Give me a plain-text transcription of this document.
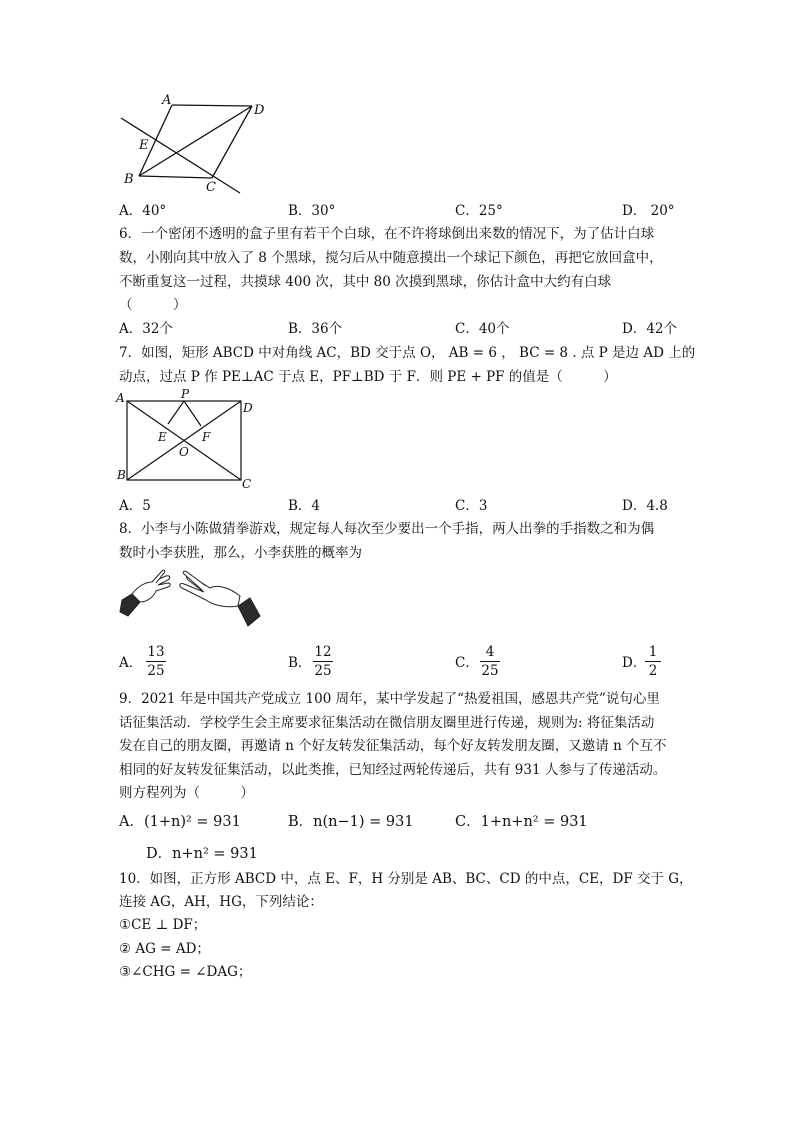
A
D
E
B
C
A．40°	B．30°	C．25°	D． 20°
6．一个密闭不透明的盒子里有若干个白球，在不许将球倒出来数的情况下，为了估计白球
数，小刚向其中放入了 8 个黑球，搅匀后从中随意摸出一个球记下颜色，再把它放回盒中，
不断重复这一过程，共摸球 400 次，其中 80 次摸到黑球，你估计盒中大约有白球
（　　　）
A．32个	B．36个	C．40个	D．42个
7．如图，矩形 ABCD 中对角线 AC，BD 交于点 O， AB = 6 ， BC = 8 . 点 P 是边 AD 上的
动点，过点 P 作 PE⊥AC 于点 E，PF⊥BD 于 F．则 PE + PF 的值是（　　　）
A
D
P
E	F
O
B
C
A．5	B．4	C．3	D．4.8
8．小李与小陈做猜拳游戏，规定每人每次至少要出一个手指，两人出拳的手指数之和为偶
数时小李获胜，那么，小李获胜的概率为
A．
13
25	B．
12
25	C．
4
25	D．
1
2
9．2021 年是中国共产党成立 100 周年，某中学发起了“热爱祖国，感恩共产党”说句心里
话征集活动．学校学生会主席要求征集活动在微信朋友圈里进行传递，规则为: 将征集活动
发在自己的朋友圈，再邀请 n 个好友转发征集活动，每个好友转发朋友圈，又邀请 n 个互不
相同的好友转发征集活动，以此类推，已知经过两轮传递后，共有 931 人参与了传递活动。
则方程列为（　　　）
A．(1+n)² = 931	B．n(n−1) = 931	C．1+n+n² = 931
D．n+n² = 931
10．如图，正方形 ABCD 中，点 E、F，H 分别是 AB、BC、CD 的中点，CE，DF 交于 G，
连接 AG，AH，HG，下列结论：
①CE ⊥ DF；
② AG = AD；
③∠CHG = ∠DAG；
